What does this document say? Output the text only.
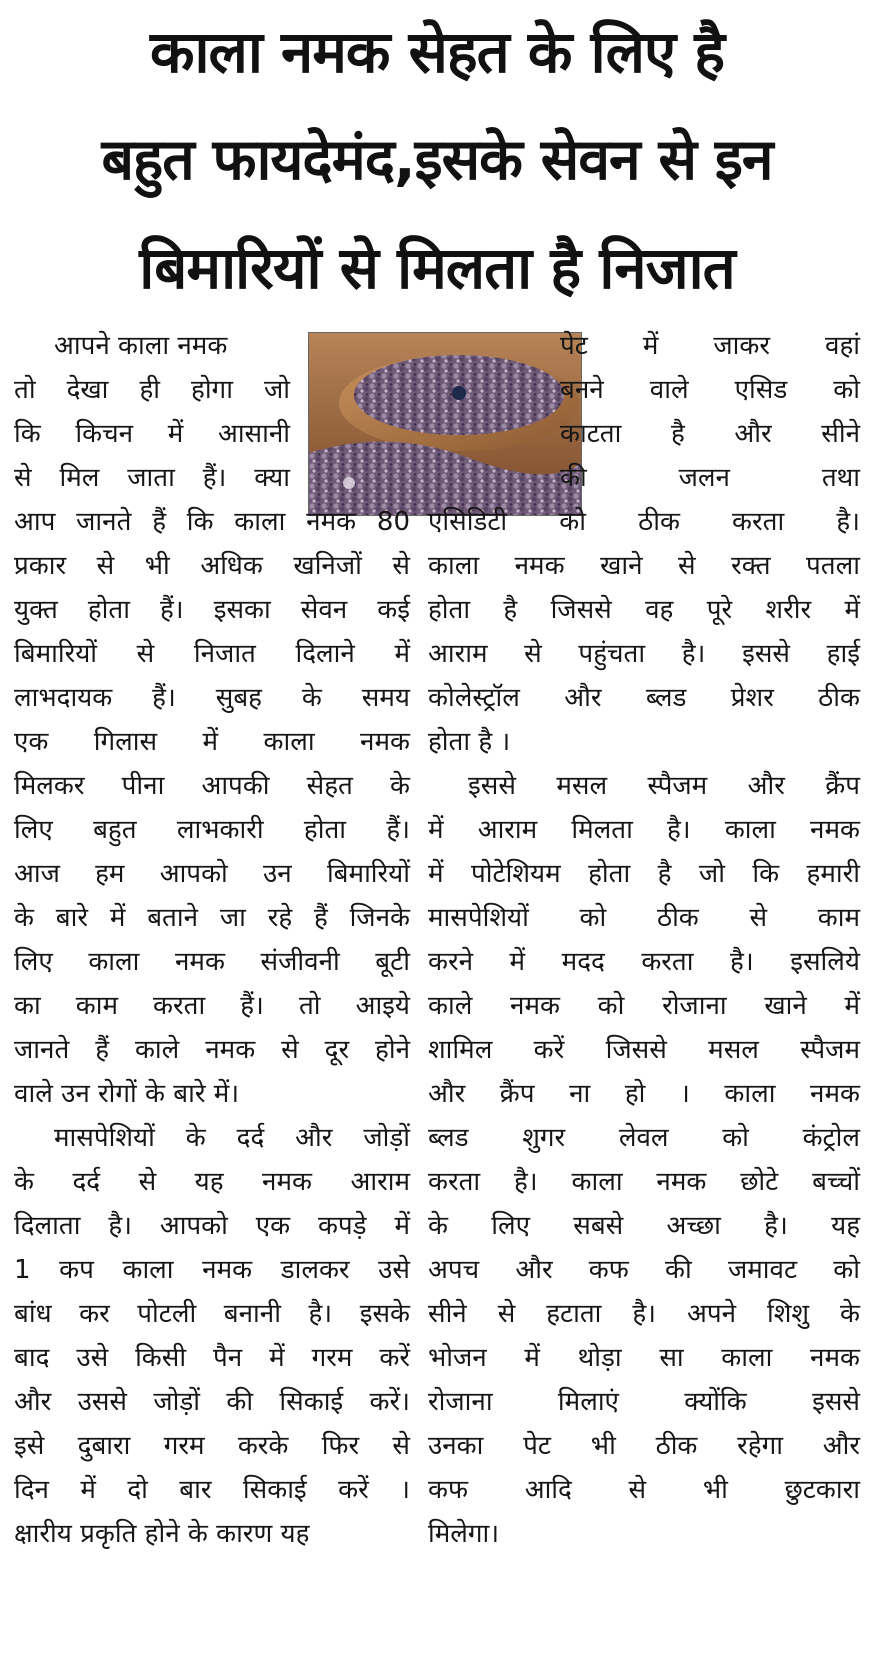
काला नमक सेहत के लिए है
बहुत फायदेमंद,इसके सेवन से इन
बिमारियों से मिलता है निजात
आपने काला नमक
तो देखा ही होगा जो
कि किचन में आसानी
से मिल जाता हैं। क्या
आप जानते हैं कि काला नमक 80
प्रकार से भी अधिक खनिजों से
युक्त होता हैं। इसका सेवन कई
बिमारियों से निजात दिलाने में
लाभदायक हैं। सुबह के समय
एक गिलास में काला नमक
मिलकर पीना आपकी सेहत के
लिए बहुत लाभकारी होता हैं।
आज हम आपको उन बिमारियों
के बारे में बताने जा रहे हैं जिनके
लिए काला नमक संजीवनी बूटी
का काम करता हैं। तो आइये
जानते हैं काले नमक से दूर होने
वाले उन रोगों के बारे में।
मासपेशियों के दर्द और जोड़ों
के दर्द से यह नमक आराम
दिलाता है। आपको एक कपड़े में
1 कप काला नमक डालकर उसे
बांध कर पोटली बनानी है। इसके
बाद उसे किसी पैन में गरम करें
और उससे जोड़ों की सिकाई करें।
इसे दुबारा गरम करके फिर से
दिन में दो बार सिकाई करें ।
क्षारीय प्रकृति होने के कारण यह
पेट में जाकर वहां
बनने वाले एसिड को
काटता है और सीने
की जलन तथा
एसिडिटी को ठीक करता है।
काला नमक खाने से रक्त पतला
होता है जिससे वह पूरे शरीर में
आराम से पहुंचता है। इससे हाई
कोलेस्ट्रॉल और ब्लड प्रेशर ठीक
होता है ।
इससे मसल स्पैजम और क्रैंप
में आराम मिलता है। काला नमक
में पोटेशियम होता है जो कि हमारी
मासपेशियों को ठीक से काम
करने में मदद करता है। इसलिये
काले नमक को रोजाना खाने में
शामिल करें जिससे मसल स्पैजम
और क्रैंप ना हो । काला नमक
ब्लड शुगर लेवल को कंट्रोल
करता है। काला नमक छोटे बच्चों
के लिए सबसे अच्छा है। यह
अपच और कफ की जमावट को
सीने से हटाता है। अपने शिशु के
भोजन में थोड़ा सा काला नमक
रोजाना मिलाएं क्योंकि इससे
उनका पेट भी ठीक रहेगा और
कफ आदि से भी छुटकारा
मिलेगा।
